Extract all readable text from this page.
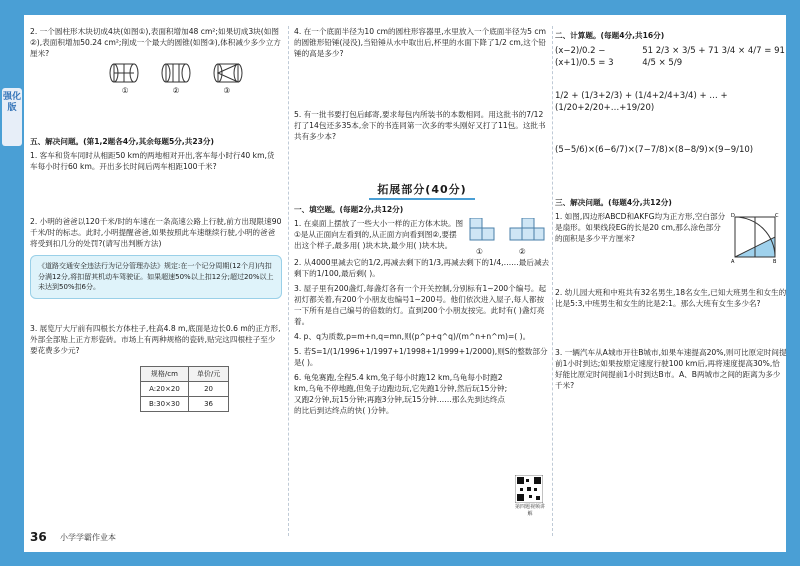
强化版
2. 一个圆柱形木块切成4块(如图①),表面积增加48 cm²;如果切成3块(如图②),表面积增加50.24 cm²;削成一个最大的圆锥(如图③),体积减少多少立方厘米?
①	②	③
五、解决问题。(第1,2题各4分,其余每题5分,共23分)
1. 客车和货车同时从相距50 km的两地相对开出,客车每小时行40 km,货车每小时行60 km。开出多长时间后两车相距100千米?
2. 小明的爸爸以120千米/时的车速在一条高速公路上行驶,前方出现限速90千米/时的标志。此时,小明提醒爸爸,如果按照此车速继续行驶,小明的爸爸将受到扣几分的处罚?(请写出判断方法)
《道路交通安全违法行为记分管理办法》规定:在一个记分周期(12个月)内扣分满12分,将扣留其机动车驾驶证。如果超速50%以上扣12分;超过20%以上未达到50%扣6分。
3. 展览厅大厅前有四根长方体柱子,柱高4.8 m,底面是边长0.6 m的正方形,外部全部贴上正方形瓷砖。市场上有两种规格的瓷砖,贴完这四根柱子至少要花费多少元?
规格/cm	单价/元
A:20×20	20
B:30×30	36
4. 在一个底面半径为10 cm的圆柱形容器里,水里放入一个底面半径为5 cm的圆锥形铅锤(浸没),当铅锤从水中取出后,杯里的水面下降了1/2 cm,这个铅锤的高是多少?
5. 有一批书要打包后邮寄,要求每包内所装书的本数相同。用这批书的7/12打了14包还多35本,余下的书连同第一次多的零头刚好又打了11包。这批书共有多少本?
拓展部分(40分)
一、填空题。(每题2分,共12分)
1. 在桌面上摆放了一些大小一样的正方体木块。图①是从正面向左看到的,从正面方向看到图②,要摆出这个样子,最多用( )块木块,最少用( )块木块。
①	②
2. 从4000里减去它的1/2,再减去剩下的1/3,再减去剩下的1/4,……最后减去剩下的1/100,最后剩( )。
3. 屋子里有200盏灯,每盏灯各有一个开关控制,分别标有1~200个编号。起初灯都关着,有200个小朋友也编号1~200号。他们依次进入屋子,每人都按一下所有是自己编号的倍数的灯。直到200个小朋友按完。此时有( )盏灯亮着。
4. p、q为质数,p=m+n,q=mn,则(p^p+q^q)/(m^n+n^m)=( )。
5. 若S=1/(1/1996+1/1997+1/1998+1/1999+1/2000),则S的整数部分是( )。
6. 龟兔赛跑,全程5.4 km,兔子每小时跑12 km,乌龟每小时跑2 km,乌龟不停地跑,但兔子边跑边玩,它先跑1分钟,然后玩15分钟;又跑2分钟,玩15分钟;再跑3分钟,玩15分钟……那么先到达终点的比后到达终点的快( )分钟。
第四题视频讲解
二、计算题。(每题4分,共16分)
(x−2)/0.2 − (x+1)/0.5 = 3
51 2/3 × 3/5 + 71 3/4 × 4/7 = 91 4/5 × 5/9
1/2 + (1/3+2/3) + (1/4+2/4+3/4) + … + (1/20+2/20+…+19/20)
(5−5/6)×(6−6/7)×(7−7/8)×(8−8/9)×(9−9/10)
三、解决问题。(每题4分,共12分)
1. 如图,四边形ABCD和AKFG均为正方形,空白部分是扇形。如果线段EG的长是20 cm,那么涂色部分的面积是多少平方厘米?
D	C
A	B
2. 幼儿园大班和中班共有32名男生,18名女生,已知大班男生和女生的比是5:3,中班男生和女生的比是2:1。那么大班有女生多少名?
3. 一辆汽车从A城市开往B城市,如果车速提高20%,则可比原定时间提前1小时到达;如果按原定速度行驶100 km后,再将速度提高30%,恰好能比原定时间提前1小时到达B市。A、B两城市之间的距离为多少千米?
36 小学学霸作业本
